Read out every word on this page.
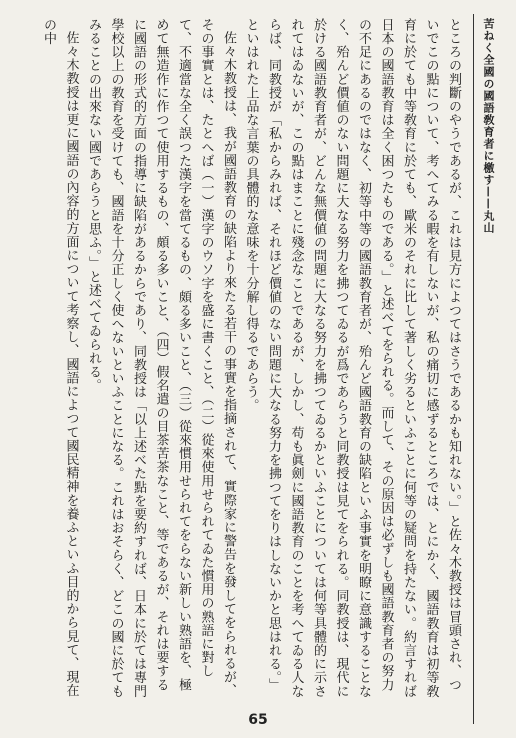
苦ねく全國の國語敎育者に檄す——丸山

ところの判斷のやうであるが、これは見方によつてはさうであるかも知れない。」と佐々木教授は冒頭され、ついでこの點について、考へてみる暇を有しないが、私の痛切に感ずるところでは、とにかく、國語教育は初等敎育に於ても中等敎育に於ても、歐米のそれに比して著しく劣るといふことに何等の疑問を持たない。約言すれば日本の國語教育は全く困つたものである。」と述べてをられる。而して、その原因は必ずしも國語教育者の努力の不足にあるのではなく、初等中等の國語教育者が、殆んど國語教育の缺陷といふ事實を明瞭に意識することなく、殆んど價値のない問題に大なる努力を拂つてゐるが爲であらうと同教授は見てをられる。同教授は、現代に於ける國語教育者が、どんな無價値の問題に大なる努力を拂つてゐるかといふことについては何等具體的に示されてはゐないが、この點はまことに殘念なことであるが、しかし、苟も眞劍に國語教育のことを考へてゐる人ならば、同教授が「私からみれば、それほど價値のない問題に大なる努力を拂つてをりはしないかと思はれる。」といはれた上品な言葉の具體的な意味を十分解し得るであらう。

佐々木教授は、我が國語教育の缺陷より來たる若干の事實を指摘されて、實際家に警告を發してをられるが、その事實とは、たとへば（一）漢字のウソ字を盛に書くこと、（二）從來使用せられてゐた慣用の熟語に對して、不適當な全く誤つた漢字を當てるもの、頗る多いこと、（三）從來慣用せられてをらない新しい熟語を、極めて無造作に作つて使用するもの、頗る多いこと、（四）假名遣の目茶苦茶なこと、等であるが、それは要するに國語の形式的方面の指導に缺陷があるからであり、同教授は「以上述べた點を要約すれば、日本に於ては專門學校以上の教育を受けても、國語を十分正しく使へないといふことになる。これはおそらく、どこの國に於てもみることの出來ない國であらうと思ふ。」と述べてゐられる。

佐々木教授は更に國語の內容的方面について考察し、國語によつて國民精神を養ふといふ目的から見て、現在の中

65
